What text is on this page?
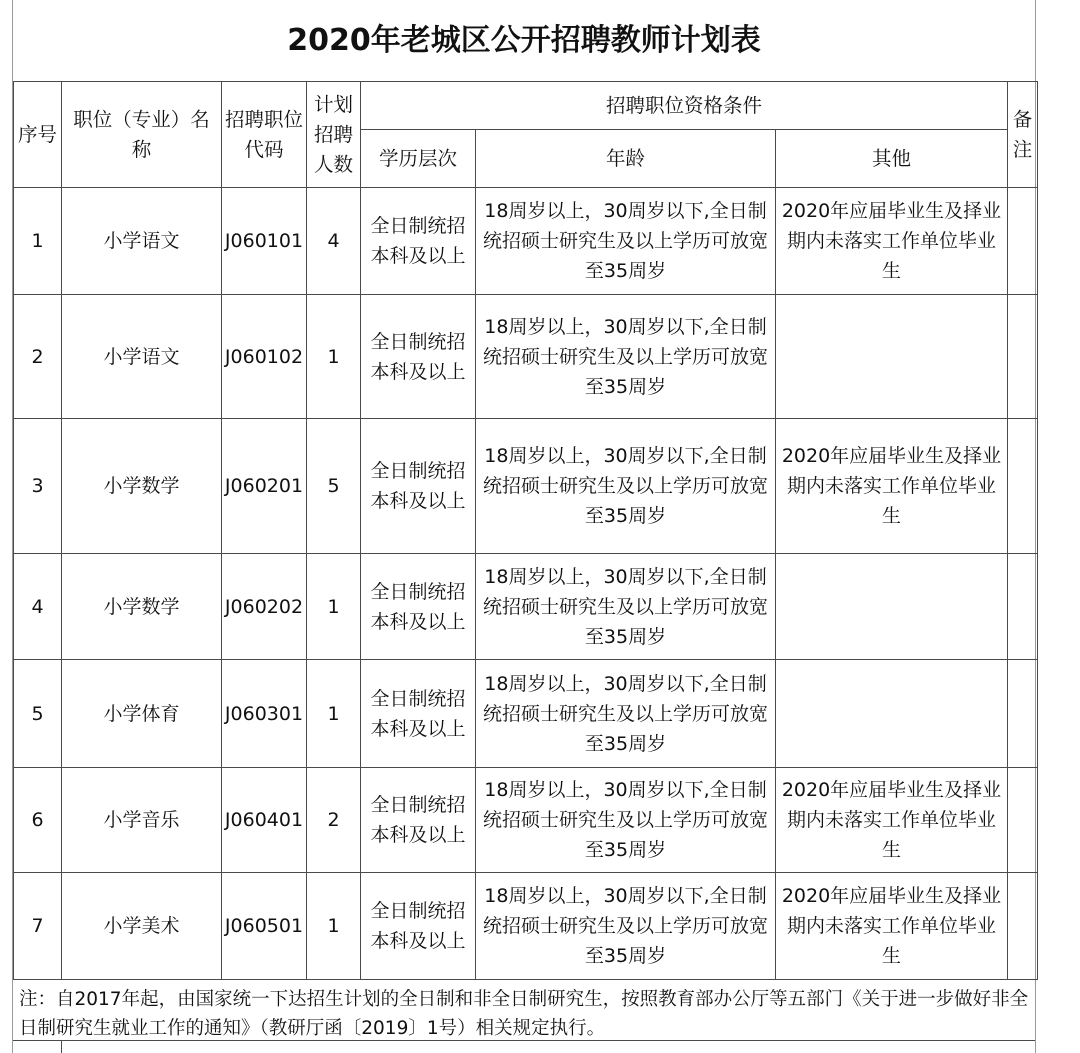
2020年老城区公开招聘教师计划表
序号	职位（专业）名称	招聘职位代码	计划招聘人数	招聘职位资格条件			备注
				学历层次	年龄	其他	
1	小学语文	J060101	4	全日制统招本科及以上	18周岁以上，30周岁以下,全日制统招硕士研究生及以上学历可放宽至35周岁	2020年应届毕业生及择业期内未落实工作单位毕业生	
2	小学语文	J060102	1	全日制统招本科及以上	18周岁以上，30周岁以下,全日制统招硕士研究生及以上学历可放宽至35周岁		
3	小学数学	J060201	5	全日制统招本科及以上	18周岁以上，30周岁以下,全日制统招硕士研究生及以上学历可放宽至35周岁	2020年应届毕业生及择业期内未落实工作单位毕业生	
4	小学数学	J060202	1	全日制统招本科及以上	18周岁以上，30周岁以下,全日制统招硕士研究生及以上学历可放宽至35周岁		
5	小学体育	J060301	1	全日制统招本科及以上	18周岁以上，30周岁以下,全日制统招硕士研究生及以上学历可放宽至35周岁		
6	小学音乐	J060401	2	全日制统招本科及以上	18周岁以上，30周岁以下,全日制统招硕士研究生及以上学历可放宽至35周岁	2020年应届毕业生及择业期内未落实工作单位毕业生	
7	小学美术	J060501	1	全日制统招本科及以上	18周岁以上，30周岁以下,全日制统招硕士研究生及以上学历可放宽至35周岁	2020年应届毕业生及择业期内未落实工作单位毕业生	
注：自2017年起，由国家统一下达招生计划的全日制和非全日制研究生，按照教育部办公厅等五部门《关于进一步做好非全日制研究生就业工作的通知》（教研厅函〔2019〕1号）相关规定执行。
